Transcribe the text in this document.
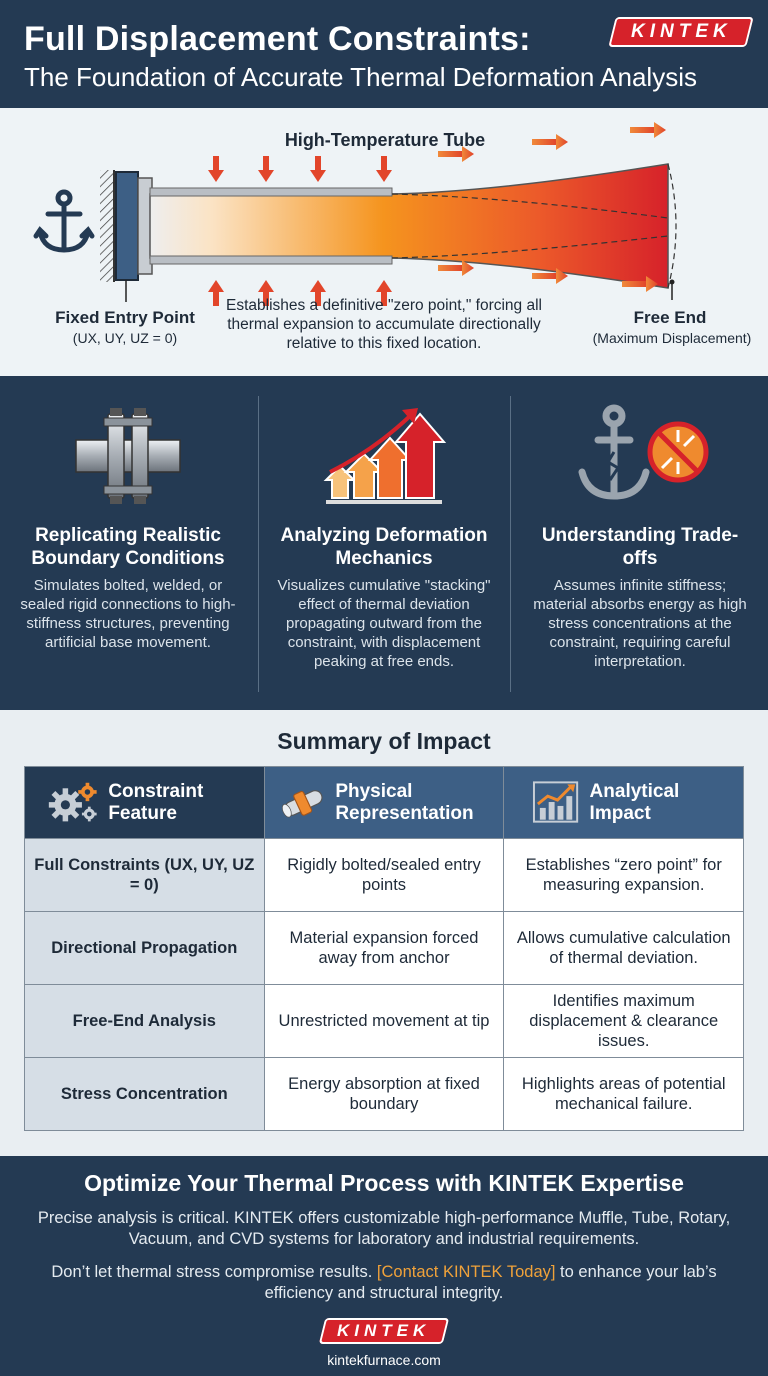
Full Displacement Constraints:
The Foundation of Accurate Thermal Deformation Analysis
KINTEK
High-Temperature Tube
Fixed Entry Point
(UX, UY, UZ = 0)
Establishes a definitive "zero point," forcing all thermal expansion to accumulate directionally relative to this fixed location.
Free End
(Maximum Displacement)
Replicating Realistic Boundary Conditions

Simulates bolted, welded, or sealed rigid connections to high-stiffness structures, preventing artificial base movement.

Analyzing Deformation Mechanics

Visualizes cumulative "stacking" effect of thermal deviation propagating outward from the constraint, with displacement peaking at free ends.

Understanding Trade-offs

Assumes infinite stiffness; material absorbs energy as high stress concentrations at the constraint, requiring careful interpretation.

Summary of Impact
Constraint Feature	Physical Representation	Analytical Impact

Full Constraints (UX, UY, UZ = 0)	Rigidly bolted/sealed entry points	Establishes “zero point” for measuring expansion.
Directional Propagation	Material expansion forced away from anchor	Allows cumulative calculation of thermal deviation.
Free-End Analysis	Unrestricted movement at tip	Identifies maximum displacement & clearance issues.
Stress Concentration	Energy absorption at fixed boundary	Highlights areas of potential mechanical failure.
Optimize Your Thermal Process with KINTEK Expertise
Precise analysis is critical. KINTEK offers customizable high-performance Muffle, Tube, Rotary, Vacuum, and CVD systems for laboratory and industrial requirements.
Don’t let thermal stress compromise results. [Contact KINTEK Today] to enhance your lab’s efficiency and structural integrity.
KINTEK
kintekfurnace.com
